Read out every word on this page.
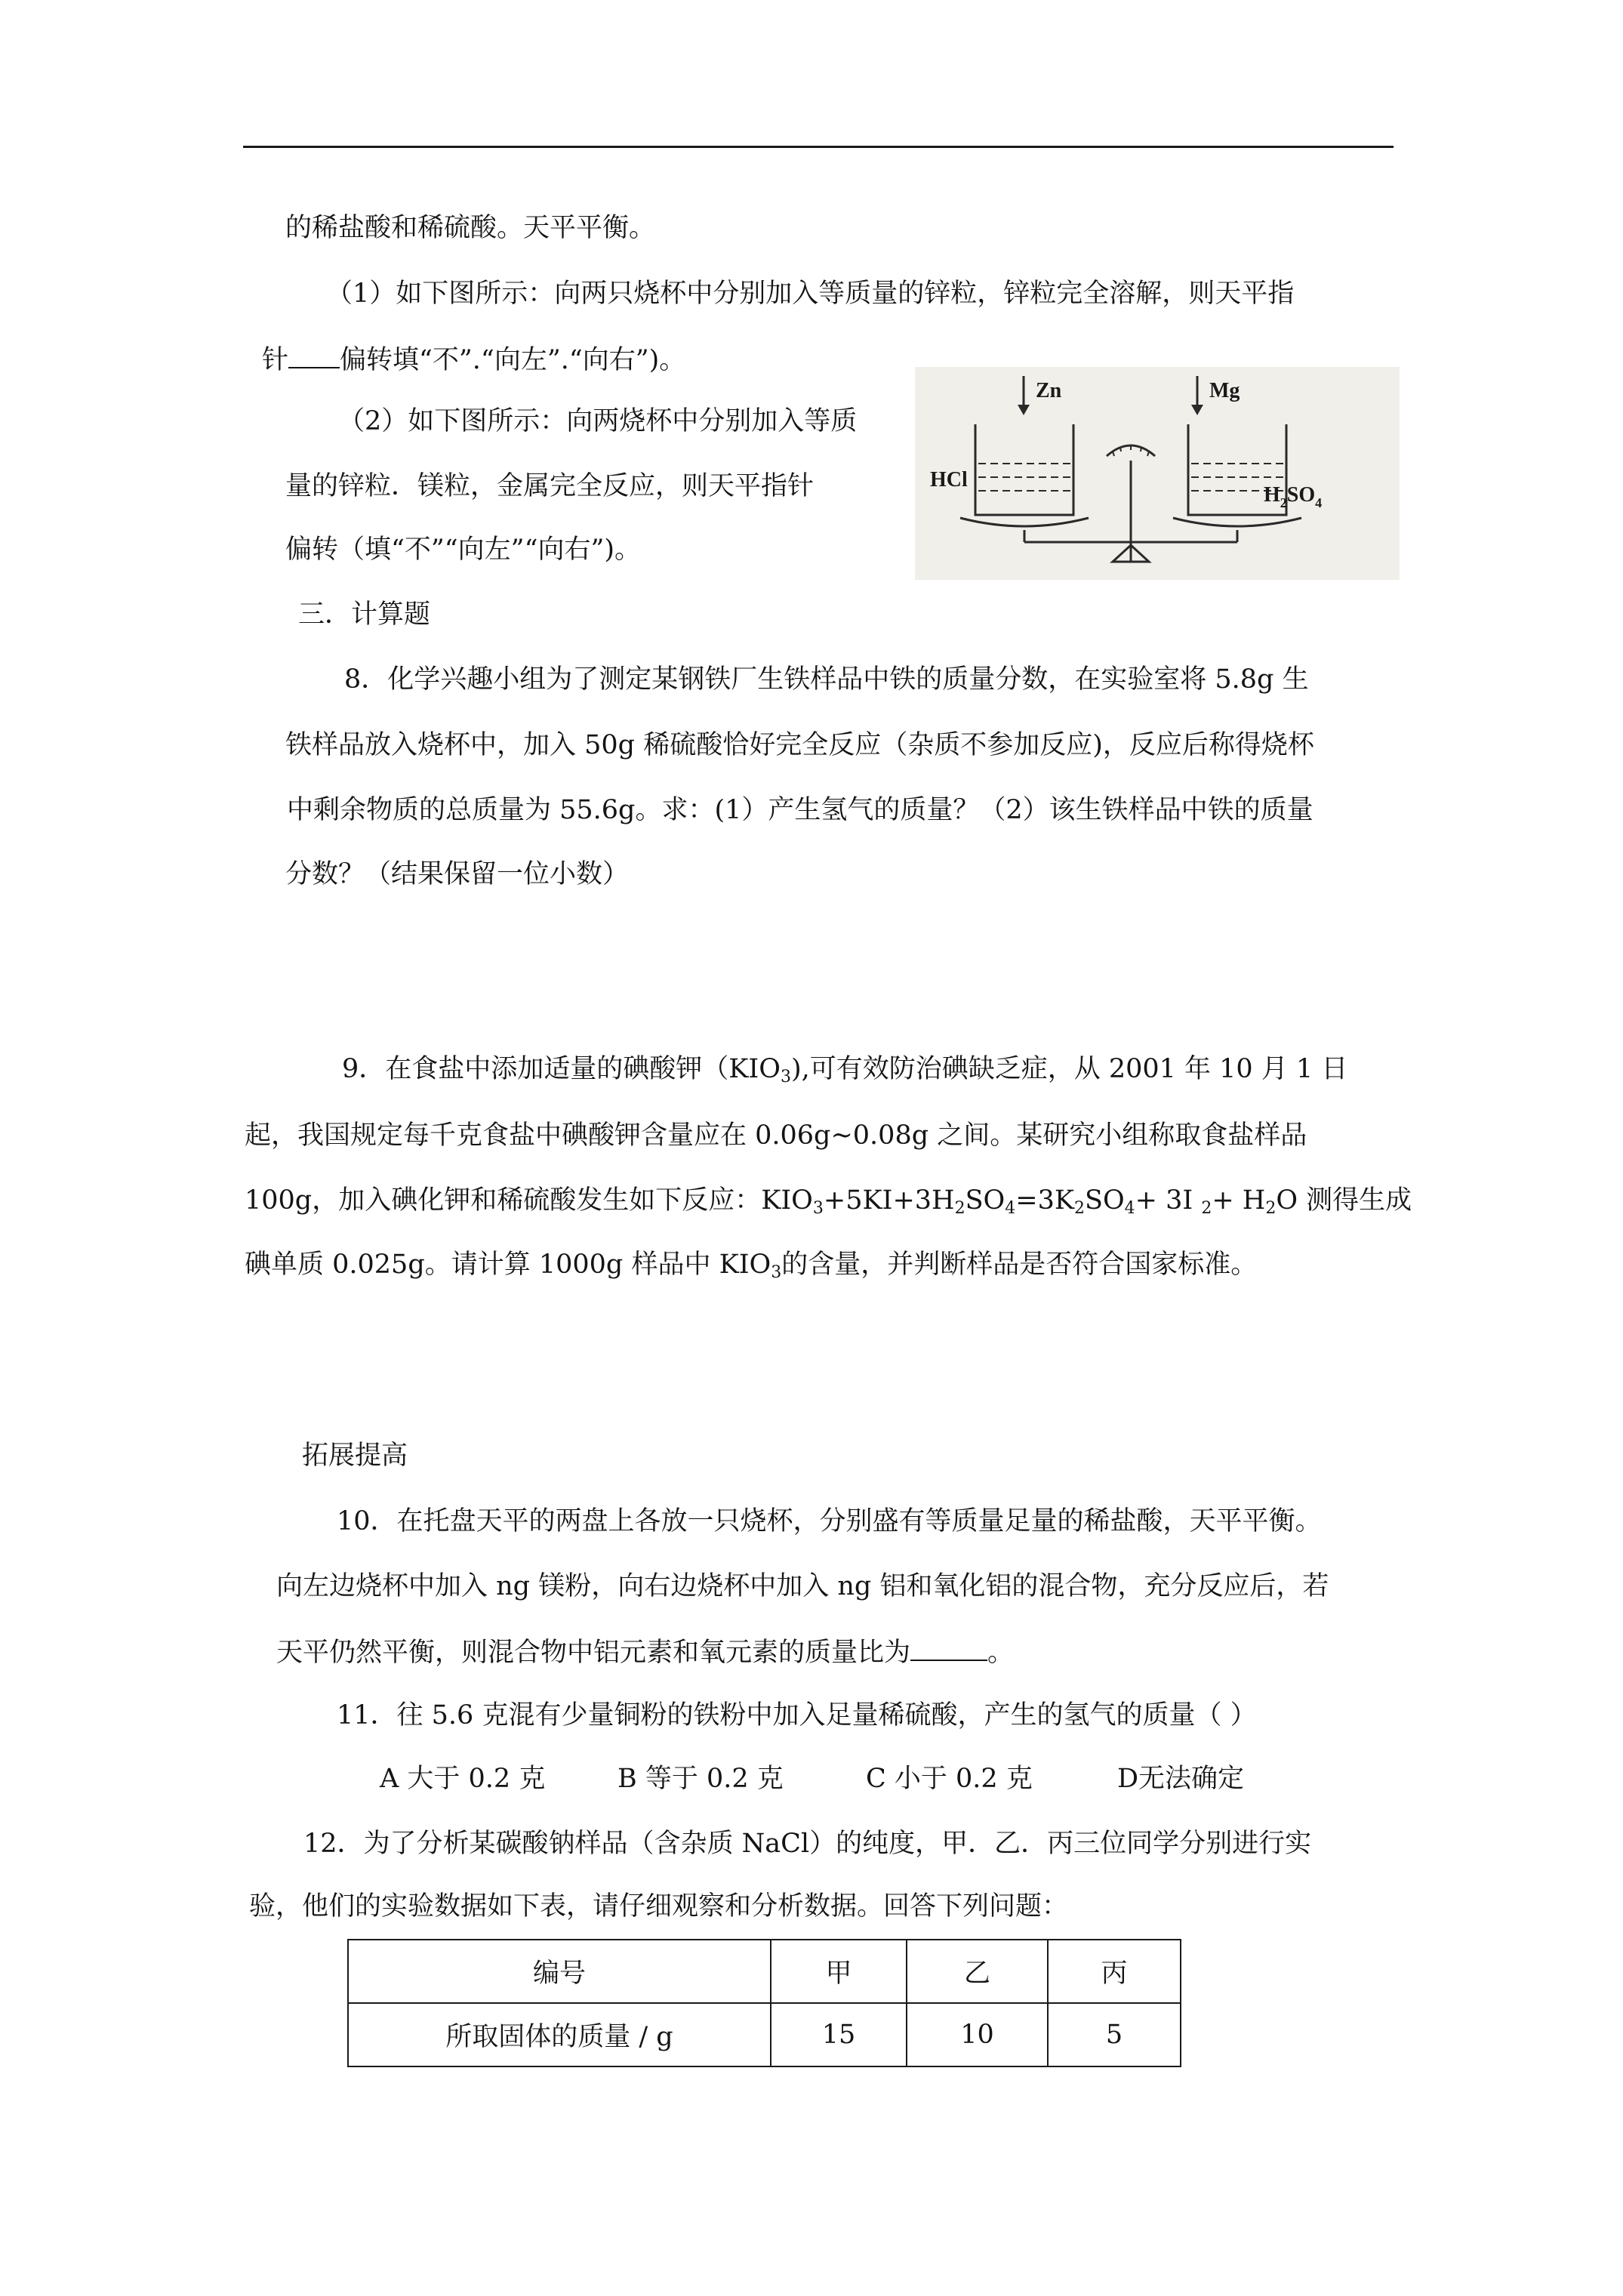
的稀盐酸和稀硫酸。天平平衡。
（1）如下图所示：向两只烧杯中分别加入等质量的锌粒，锌粒完全溶解，则天平指
针 偏转填“不”.“向左”.“向右”)。
（2）如下图所示：向两烧杯中分别加入等质
量的锌粒．镁粒，金属完全反应，则天平指针
偏转（填“不”“向左”“向右”)。
Zn	Mg
HCl
$H_2SO_4$
三．计算题
8．化学兴趣小组为了测定某钢铁厂生铁样品中铁的质量分数，在实验室将 5.8g 生
铁样品放入烧杯中，加入 50g 稀硫酸恰好完全反应（杂质不参加反应)，反应后称得烧杯
中剩余物质的总质量为 55.6g。求：(1）产生氢气的质量？（2）该生铁样品中铁的质量
分数？（结果保留一位小数）
9．在食盐中添加适量的碘酸钾$(KIO_3)$,可有效防治碘缺乏症，从 2001 年 10 月 1 日
起，我国规定每千克食盐中碘酸钾含量应在 0.06g~0.08g 之间。某研究小组称取食盐样品
100g，加入碘化钾和稀硫酸发生如下反应：$KIO_3+5KI+3H_2SO_4=3K_2SO_4+ 3I$ $_2+ H_2O$ 测得生成
碘单质 0.025g。请计算 1000g 样品中 $KIO_3$的含量，并判断样品是否符合国家标准。
拓展提高
10．在托盘天平的两盘上各放一只烧杯，分别盛有等质量足量的稀盐酸，天平平衡。
向左边烧杯中加入 ng 镁粉，向右边烧杯中加入 ng 铝和氧化铝的混合物，充分反应后，若
天平仍然平衡，则混合物中铝元素和氧元素的质量比为	。
11．往 5.6 克混有少量铜粉的铁粉中加入足量稀硫酸，产生的氢气的质量（ ）
A 大于 0.2 克	B 等于 0.2 克	C 小于 0.2 克	D无法确定
12．为了分析某碳酸钠样品（含杂质 NaCl）的纯度，甲．乙．丙三位同学分别进行实
验，他们的实验数据如下表，请仔细观察和分析数据。回答下列问题：
编号	甲	乙	丙
所取固体的质量 / g	15	10	5
